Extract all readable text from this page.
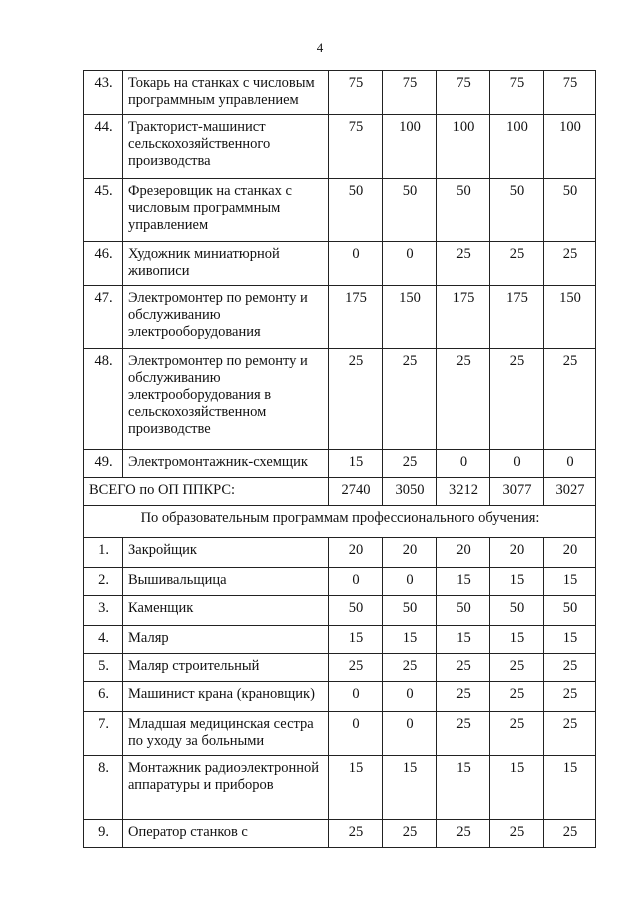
4
43.	Токарь на станках с числовым программным управлением	75	75	75	75	75
44.	Тракторист-машинист сельскохозяйственного производства	75	100	100	100	100
45.	Фрезеровщик на станках с числовым программным управлением	50	50	50	50	50
46.	Художник миниатюрной живописи	0	0	25	25	25
47.	Электромонтер по ремонту и обслуживанию электрооборудования	175	150	175	175	150
48.	Электромонтер по ремонту и обслуживанию электрооборудования в сельскохозяйственном производстве	25	25	25	25	25
49.	Электромонтажник-схемщик	15	25	0	0	0
ВСЕГО по ОП ППКРС:		2740	3050	3212	3077	3027
По образовательным программам профессионального обучения:						
1.	Закройщик	20	20	20	20	20
2.	Вышивальщица	0	0	15	15	15
3.	Каменщик	50	50	50	50	50
4.	Маляр	15	15	15	15	15
5.	Маляр строительный	25	25	25	25	25
6.	Машинист крана (крановщик)	0	0	25	25	25
7.	Младшая медицинская сестра по уходу за больными	0	0	25	25	25
8.	Монтажник радиоэлектронной аппаратуры и приборов	15	15	15	15	15
9.	Оператор станков с	25	25	25	25	25
